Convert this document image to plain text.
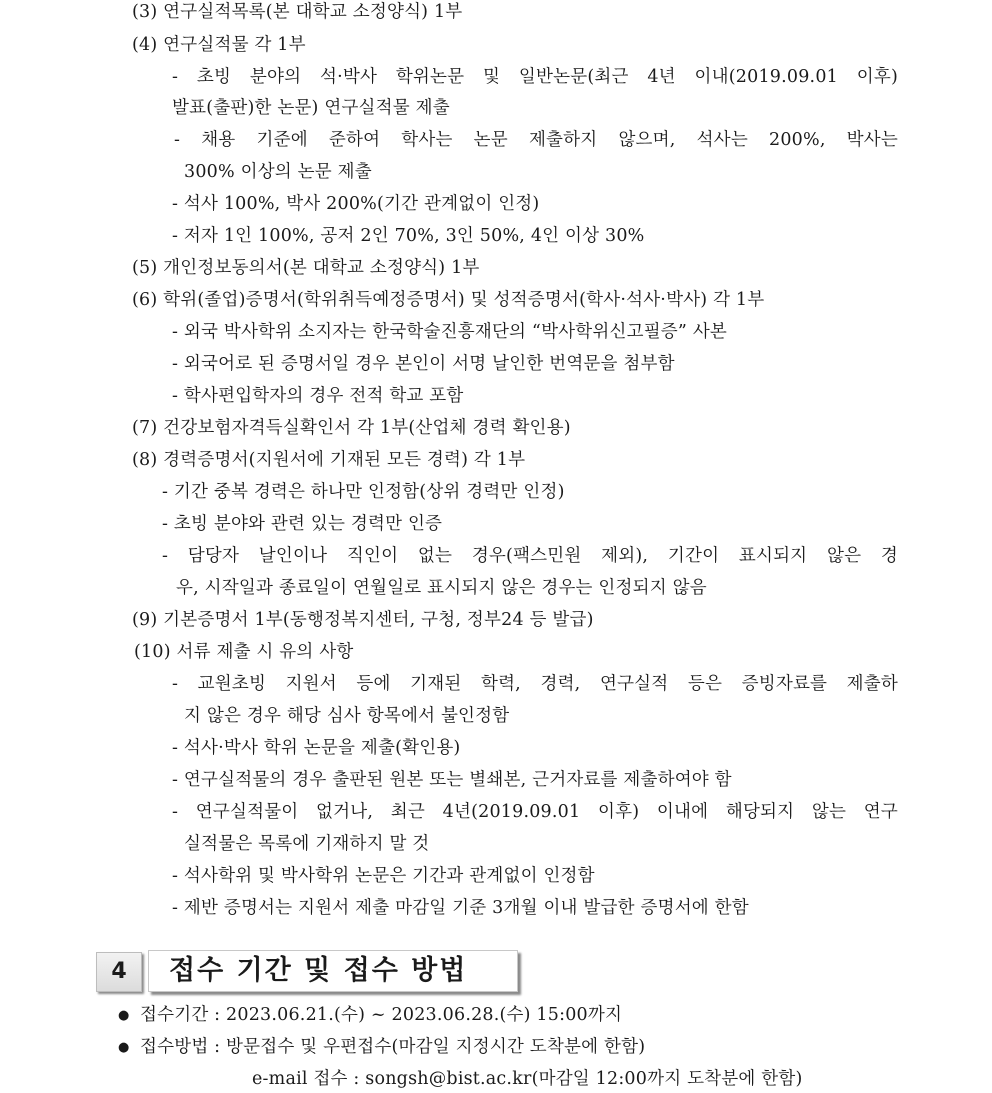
(3) 연구실적목록(본 대학교 소정양식) 1부
(4) 연구실적물 각 1부
- 초빙 분야의 석·박사 학위논문 및 일반논문(최근 4년 이내(2019.09.01 이후)
발표(출판)한 논문) 연구실적물 제출
- 채용 기준에 준하여 학사는 논문 제출하지 않으며, 석사는 200%, 박사는
300% 이상의 논문 제출
- 석사 100%, 박사 200%(기간 관계없이 인정)
- 저자 1인 100%, 공저 2인 70%, 3인 50%, 4인 이상 30%
(5) 개인정보동의서(본 대학교 소정양식) 1부
(6) 학위(졸업)증명서(학위취득예정증명서) 및 성적증명서(학사·석사·박사) 각 1부
- 외국 박사학위 소지자는 한국학술진흥재단의 “박사학위신고필증” 사본
- 외국어로 된 증명서일 경우 본인이 서명 날인한 번역문을 첨부함
- 학사편입학자의 경우 전적 학교 포함
(7) 건강보험자격득실확인서 각 1부(산업체 경력 확인용)
(8) 경력증명서(지원서에 기재된 모든 경력) 각 1부
- 기간 중복 경력은 하나만 인정함(상위 경력만 인정)
- 초빙 분야와 관련 있는 경력만 인증
- 담당자 날인이나 직인이 없는 경우(팩스민원 제외), 기간이 표시되지 않은 경
우, 시작일과 종료일이 연월일로 표시되지 않은 경우는 인정되지 않음
(9) 기본증명서 1부(동행정복지센터, 구청, 정부24 등 발급)
(10) 서류 제출 시 유의 사항
- 교원초빙 지원서 등에 기재된 학력, 경력, 연구실적 등은 증빙자료를 제출하
지 않은 경우 해당 심사 항목에서 불인정함
- 석사·박사 학위 논문을 제출(확인용)
- 연구실적물의 경우 출판된 원본 또는 별쇄본, 근거자료를 제출하여야 함
- 연구실적물이 없거나, 최근 4년(2019.09.01 이후) 이내에 해당되지 않는 연구
실적물은 목록에 기재하지 말 것
- 석사학위 및 박사학위 논문은 기간과 관계없이 인정함
- 제반 증명서는 지원서 제출 마감일 기준 3개월 이내 발급한 증명서에 한함
4	접수 기간 및 접수 방법
● 접수기간 : 2023.06.21.(수) ~ 2023.06.28.(수) 15:00까지
● 접수방법 : 방문접수 및 우편접수(마감일 지정시간 도착분에 한함)
e-mail 접수 : songsh@bist.ac.kr(마감일 12:00까지 도착분에 한함)
